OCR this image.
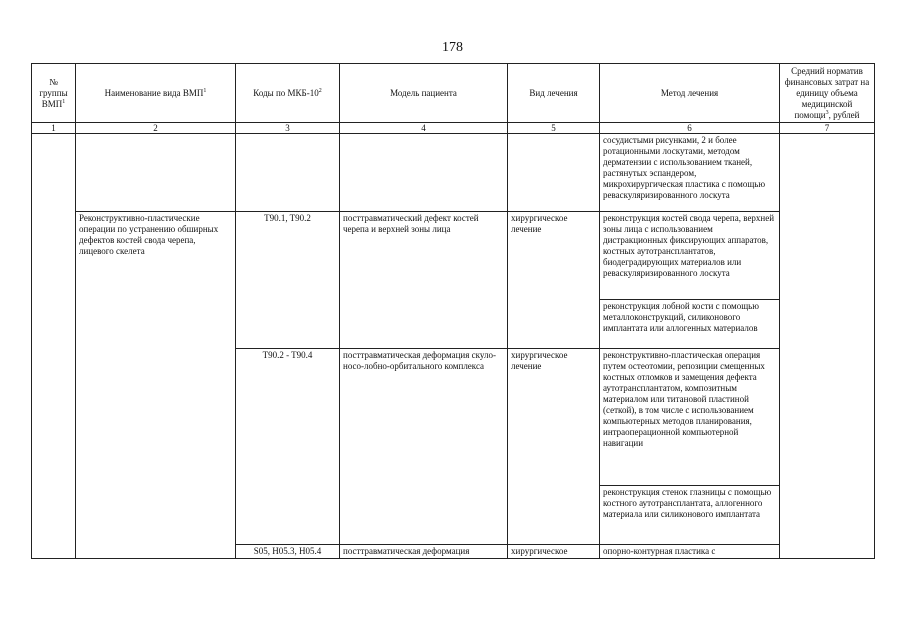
178
№ группы ВМП$^1$	Наименование вида ВМП$^1$	Коды по МКБ-$10^2$	Модель пациента	Вид лечения	Метод лечения	Средний норматив финансовых затрат на единицу объема медицинской помощи$^3$, рублей
1	2	3	4	5	6	7
					сосудистыми рисунками, 2 и более ротационными лоскутами, методом дерматензии с использованием тканей, растянутых эспандером, микрохирургическая пластика с помощью реваскуляризированного лоскута	
	Реконструктивно-пластические операции по устранению обширных дефектов костей свода черепа, лицевого скелета	T90.1, T90.2	посттравматический дефект костей черепа и верхней зоны лица	хирургическое лечение	реконструкция костей свода черепа, верхней зоны лица с использованием дистракционных фиксирующих аппаратов, костных аутотрансплантатов, биодеградирующих материалов или реваскуляризированного лоскута	
					реконструкция лобной кости с помощью металлоконструкций, силиконового имплантата или аллогенных материалов	
		T90.2 - T90.4	посттравматическая деформация скуло-носо-лобно-орбитального комплекса	хирургическое лечение	реконструктивно-пластическая операция путем остеотомии, репозиции смещенных костных отломков и замещения дефекта аутотрансплантатом, композитным материалом или титановой пластиной (сеткой), в том числе с использованием компьютерных методов планирования, интраоперационной компьютерной навигации	
					реконструкция стенок глазницы с помощью костного аутотрансплантата, аллогенного материала или силиконового имплантата	
		S05, H05.3, H05.4	посттравматическая деформация	хирургическое	опорно-контурная пластика с	
